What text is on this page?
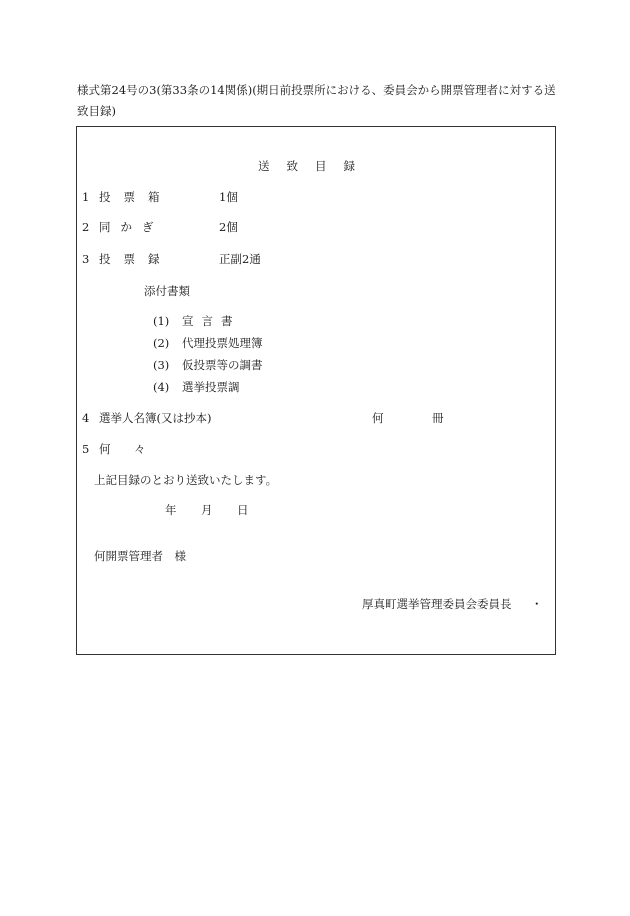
様式第24号の3(第33条の14関係)(期日前投票所における、委員会から開票管理者に対する送致目録)
送致目録
1 投票箱	1個
2 同かぎ	2個
3 投票録	正副2通
添付書類
(1) 宣言書
(2) 代理投票処理簿
(3) 仮投票等の調書
(4) 選挙投票調
4 選挙人名簿(又は抄本)	何	冊
5 何 々
上記目録のとおり送致いたします。
年 月 日
何開票管理者　様
厚真町選挙管理委員会委員長 ・
